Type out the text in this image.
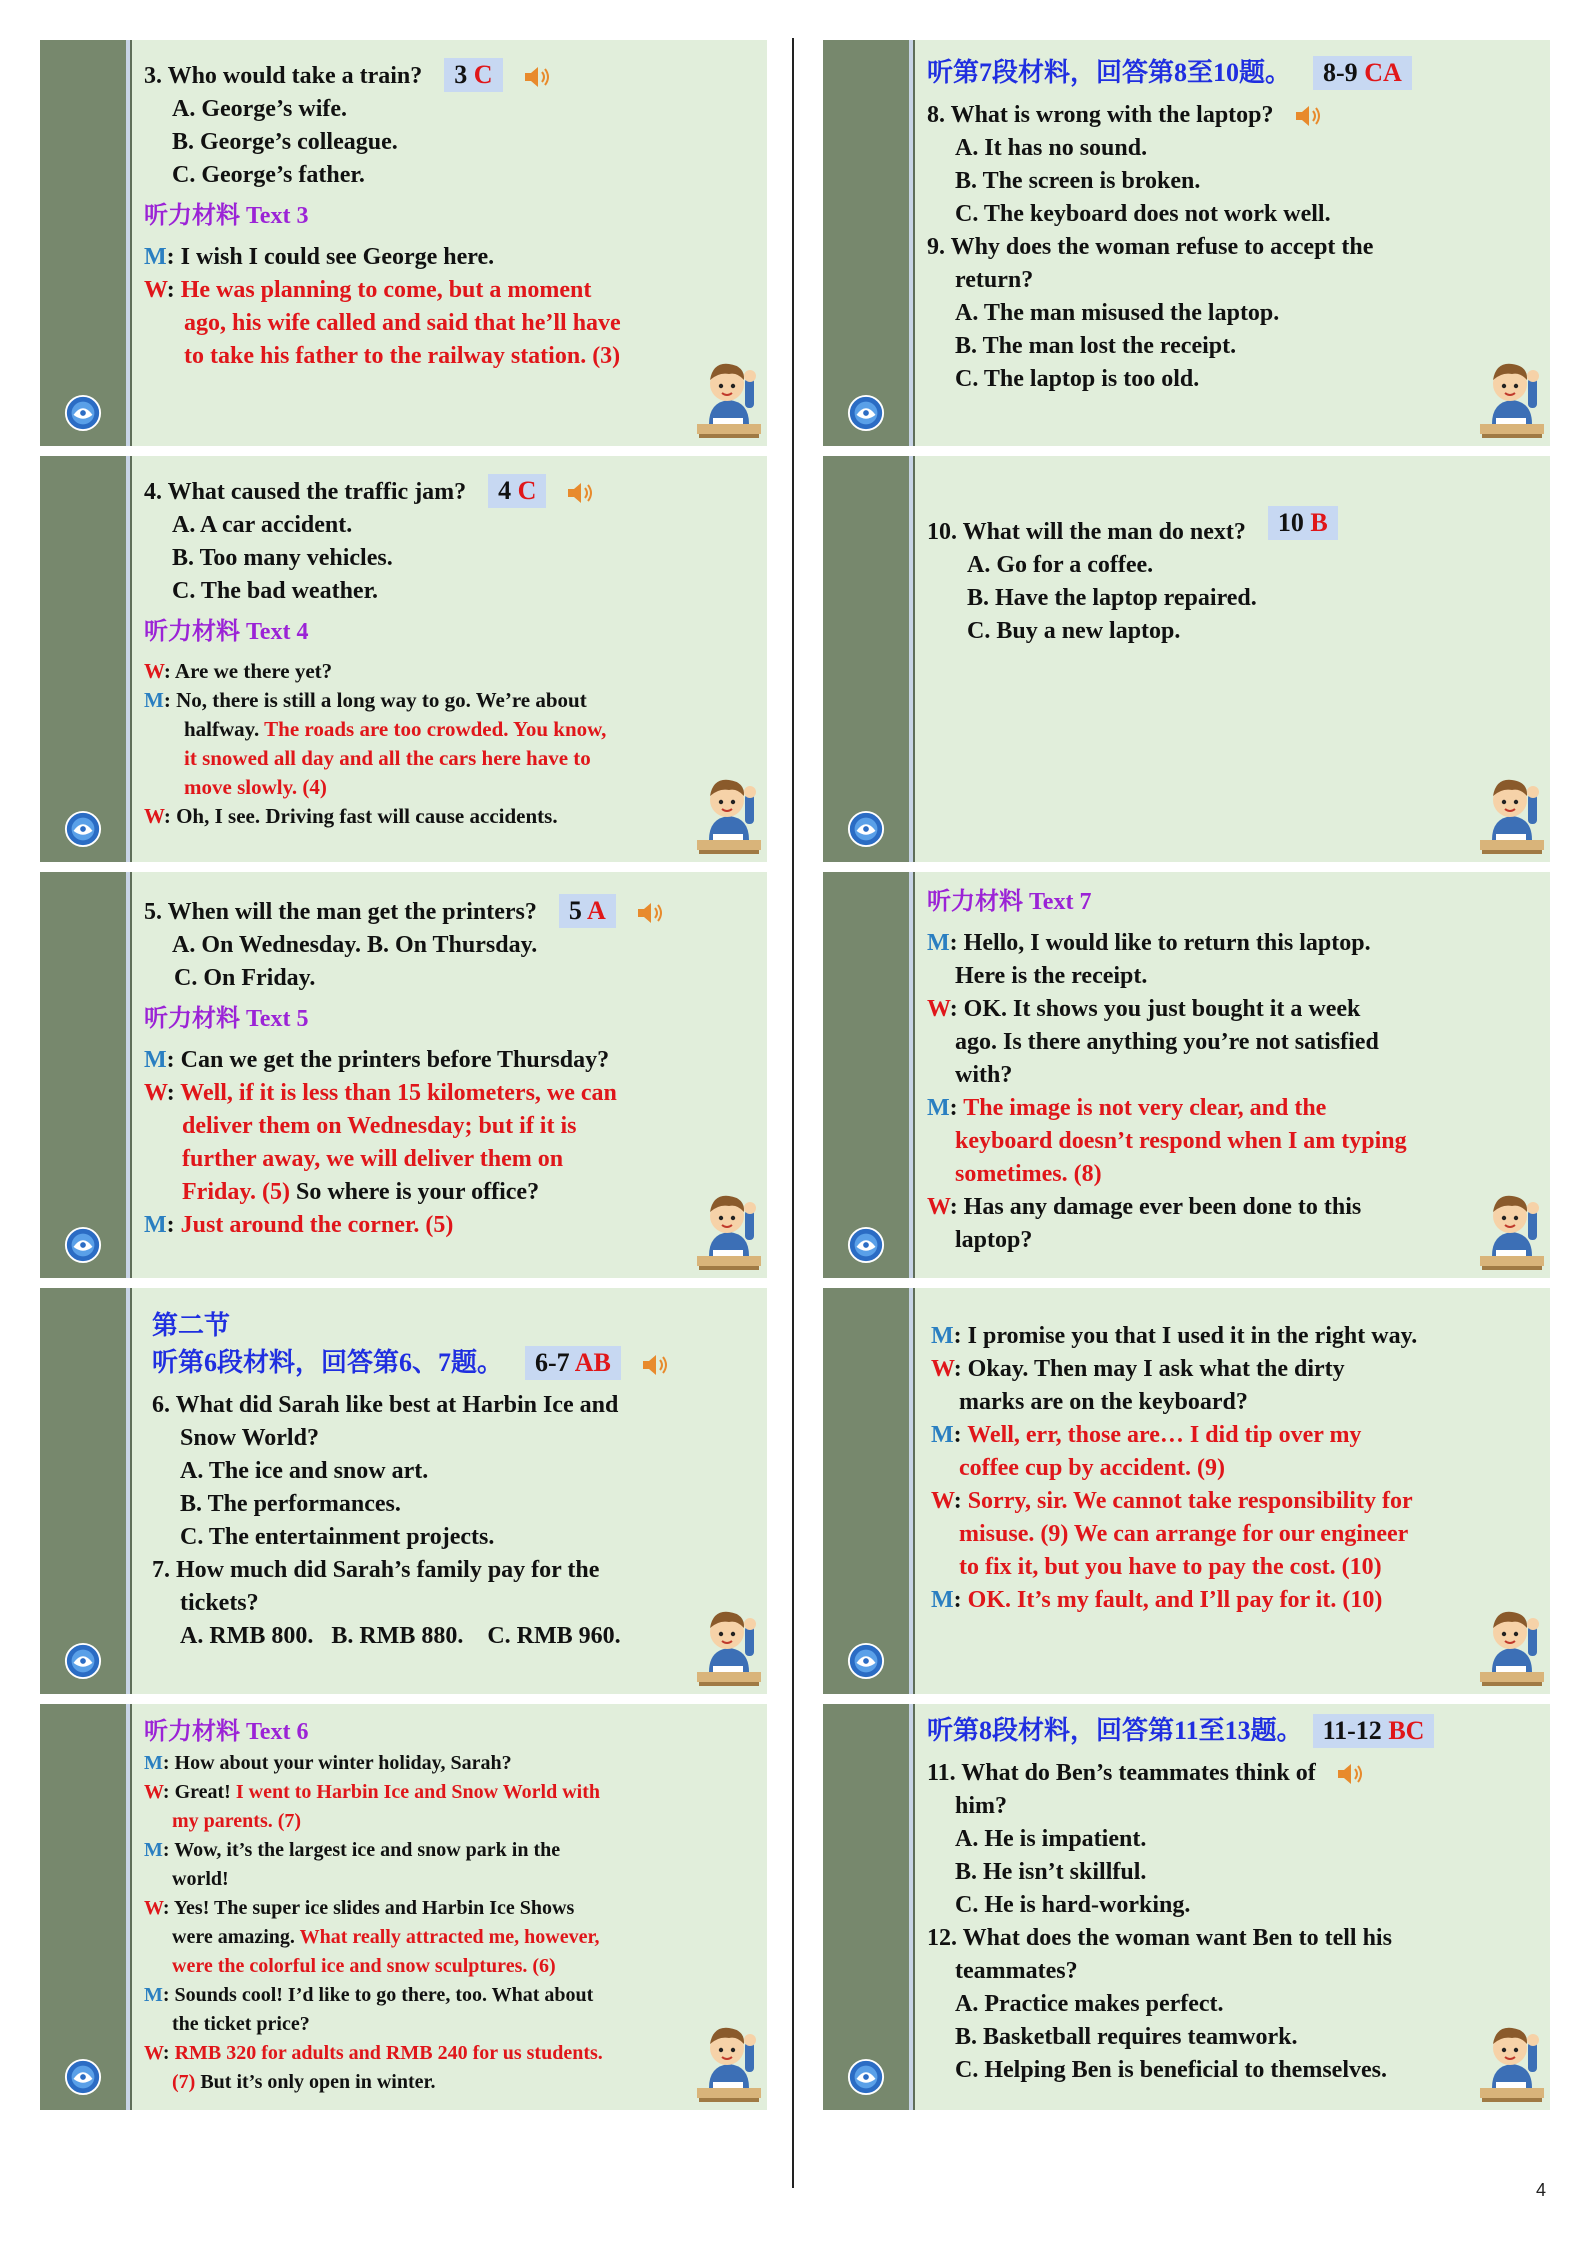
3. Who would take a train? 3 C
A. George’s wife.
B. George’s colleague.
C. George’s father.
听力材料 Text 3
M: I wish I could see George here.
W: He was planning to come, but a moment
ago, his wife called and said that he’ll have
to take his father to the railway station. (3)
4. What caused the traffic jam? 4 C
A. A car accident.
B. Too many vehicles.
C. The bad weather.
听力材料 Text 4
W: Are we there yet?
M: No, there is still a long way to go. We’re about
halfway. The roads are too crowded. You know,
it snowed all day and all the cars here have to
move slowly. (4)
W: Oh, I see. Driving fast will cause accidents.
5. When will the man get the printers? 5 A
A. On Wednesday. B. On Thursday.
C. On Friday.
听力材料 Text 5
M: Can we get the printers before Thursday?
W: Well, if it is less than 15 kilometers, we can
deliver them on Wednesday; but if it is
further away, we will deliver them on
Friday. (5) So where is your office?
M: Just around the corner. (5)
第二节
听第6段材料，回答第6、7题。 6-7 AB
6. What did Sarah like best at Harbin Ice and
Snow World?
A. The ice and snow art.
B. The performances.
C. The entertainment projects.
7. How much did Sarah’s family pay for the
tickets?
A. RMB 800.   B. RMB 880.    C. RMB 960.
听力材料 Text 6
M: How about your winter holiday, Sarah?
W: Great! I went to Harbin Ice and Snow World with
my parents. (7)
M: Wow, it’s the largest ice and snow park in the
world!
W: Yes! The super ice slides and Harbin Ice Shows
were amazing. What really attracted me, however,
were the colorful ice and snow sculptures. (6)
M: Sounds cool! I’d like to go there, too. What about
the ticket price?
W: RMB 320 for adults and RMB 240 for us students.
(7) But it’s only open in winter.
听第7段材料，回答第8至10题。 8-9 CA
8. What is wrong with the laptop?
A. It has no sound.
B. The screen is broken.
C. The keyboard does not work well.
9. Why does the woman refuse to accept the
return?
A. The man misused the laptop.
B. The man lost the receipt.
C. The laptop is too old.
10. What will the man do next? 10 B
A. Go for a coffee.
B. Have the laptop repaired.
C. Buy a new laptop.
听力材料 Text 7
M: Hello, I would like to return this laptop.
Here is the receipt.
W: OK. It shows you just bought it a week
ago. Is there anything you’re not satisfied
with?
M: The image is not very clear, and the
keyboard doesn’t respond when I am typing
sometimes. (8)
W: Has any damage ever been done to this
laptop?
M: I promise you that I used it in the right way.
W: Okay. Then may I ask what the dirty
marks are on the keyboard?
M: Well, err, those are… I did tip over my
coffee cup by accident. (9)
W: Sorry, sir. We cannot take responsibility for
misuse. (9) We can arrange for our engineer
to fix it, but you have to pay the cost. (10)
M: OK. It’s my fault, and I’ll pay for it. (10)
听第8段材料，回答第11至13题。 11-12 BC
11. What do Ben’s teammates think of
him?
A. He is impatient.
B. He isn’t skillful.
C. He is hard-working.
12. What does the woman want Ben to tell his
teammates?
A. Practice makes perfect.
B. Basketball requires teamwork.
C. Helping Ben is beneficial to themselves.
4
